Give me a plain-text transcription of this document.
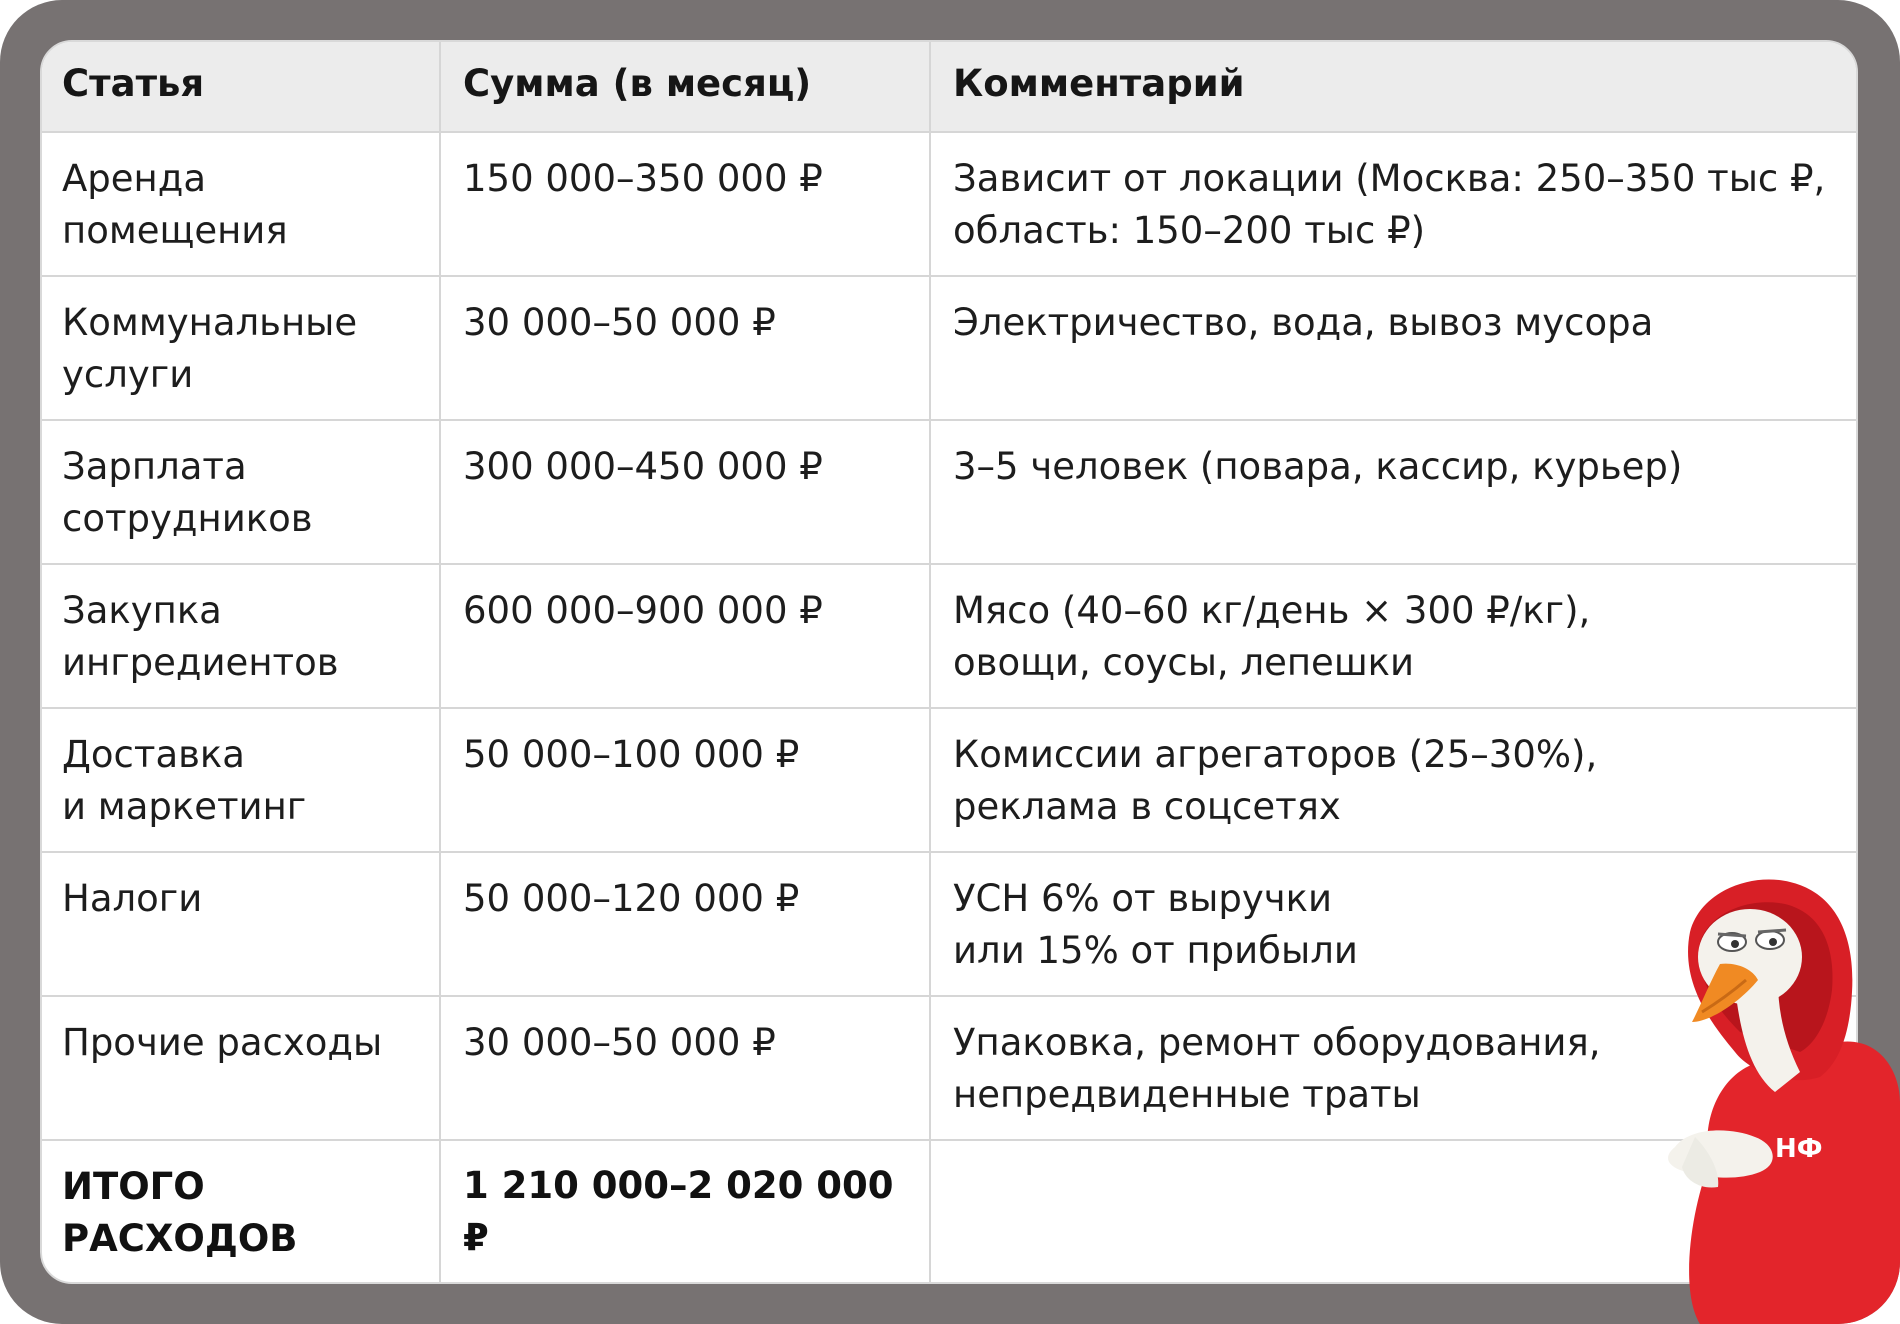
Статья	Сумма (в месяц)	Комментарий

Аренда
помещения	150 000–350 000 ₽	Зависит от локации (Москва: 250–350 тыс ₽,
область: 150–200 тыс ₽)

Коммунальные
услуги	30 000–50 000 ₽	Электричество, вода, вывоз мусора

Зарплата
сотрудников	300 000–450 000 ₽	3–5 человек (повара, кассир, курьер)

Закупка
ингредиентов	600 000–900 000 ₽	Мясо (40–60 кг/день × 300 ₽/кг),
овощи, соусы, лепешки

Доставка
и маркетинг	50 000–100 000 ₽	Комиссии агрегаторов (25–30%),
реклама в соцсетях

Налоги	50 000–120 000 ₽	УСН 6% от выручки
или 15% от прибыли

Прочие расходы	30 000–50 000 ₽	Упаковка, ремонт оборудования,
непредвиденные траты

ИТОГО
РАСХОДОВ	1 210 000–2 020 000 ₽	
НФ
